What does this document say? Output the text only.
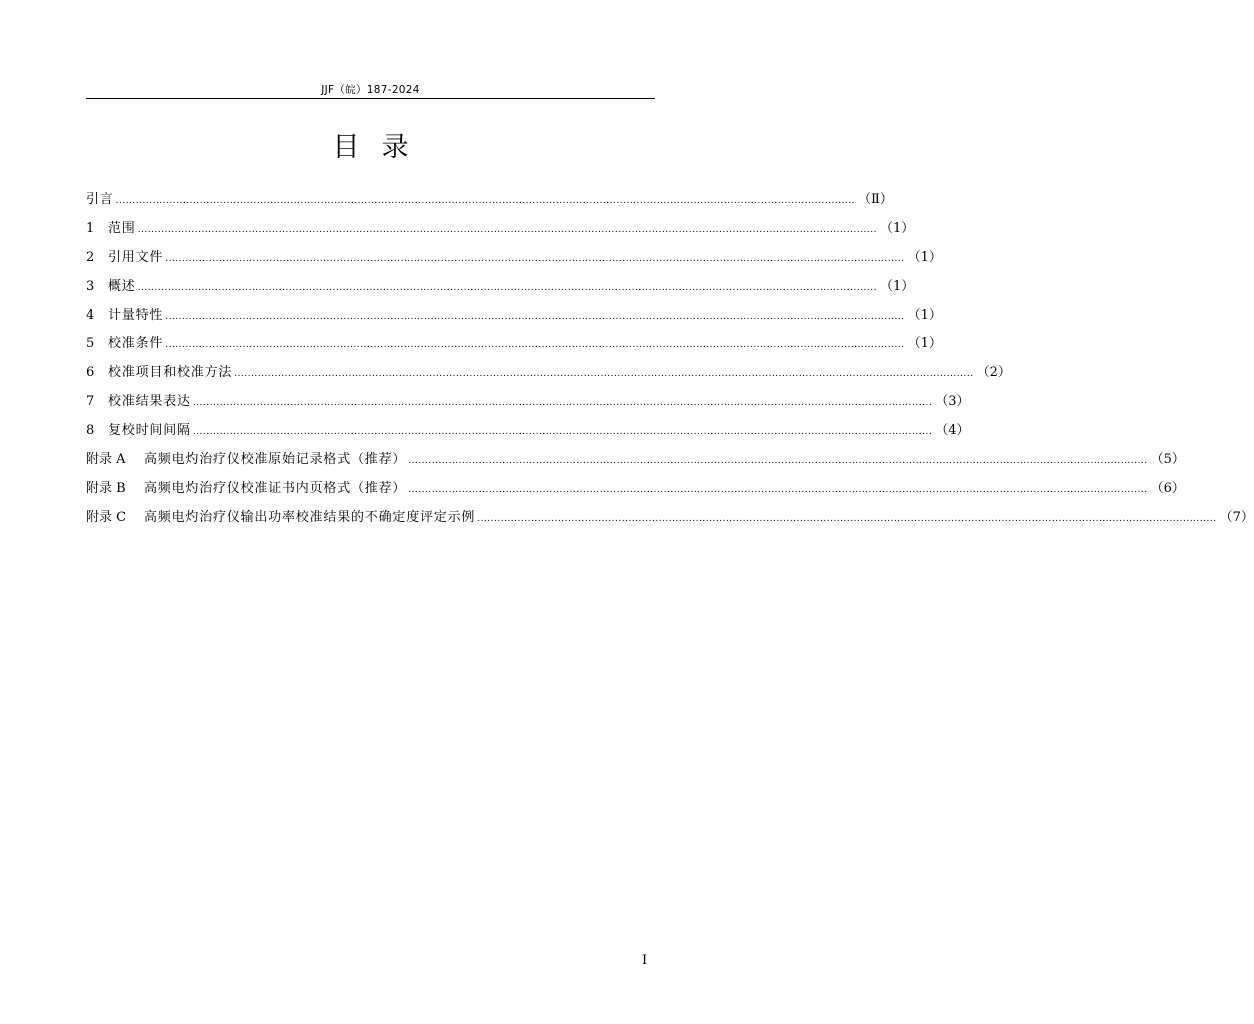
JJF（皖）187-2024
目 录
引言 ............................................................................................................................................................................................................................ （Ⅱ）
1	范围 ............................................................................................................................................................................................................................ （1）
2	引用文件 ............................................................................................................................................................................................................................ （1）
3	概述 ............................................................................................................................................................................................................................ （1）
4	计量特性 ............................................................................................................................................................................................................................ （1）
5	校准条件 ............................................................................................................................................................................................................................ （1）
6	校准项目和校准方法 ............................................................................................................................................................................................................................ （2）
7	校准结果表达 ............................................................................................................................................................................................................................ （3）
8	复校时间间隔 ............................................................................................................................................................................................................................ （4）
附录 A	高频电灼治疗仪校准原始记录格式（推荐） ............................................................................................................................................................................................................................ （5）
附录 B	高频电灼治疗仪校准证书内页格式（推荐） ............................................................................................................................................................................................................................ （6）
附录 C	高频电灼治疗仪输出功率校准结果的不确定度评定示例 ............................................................................................................................................................................................................................ （7）
I
